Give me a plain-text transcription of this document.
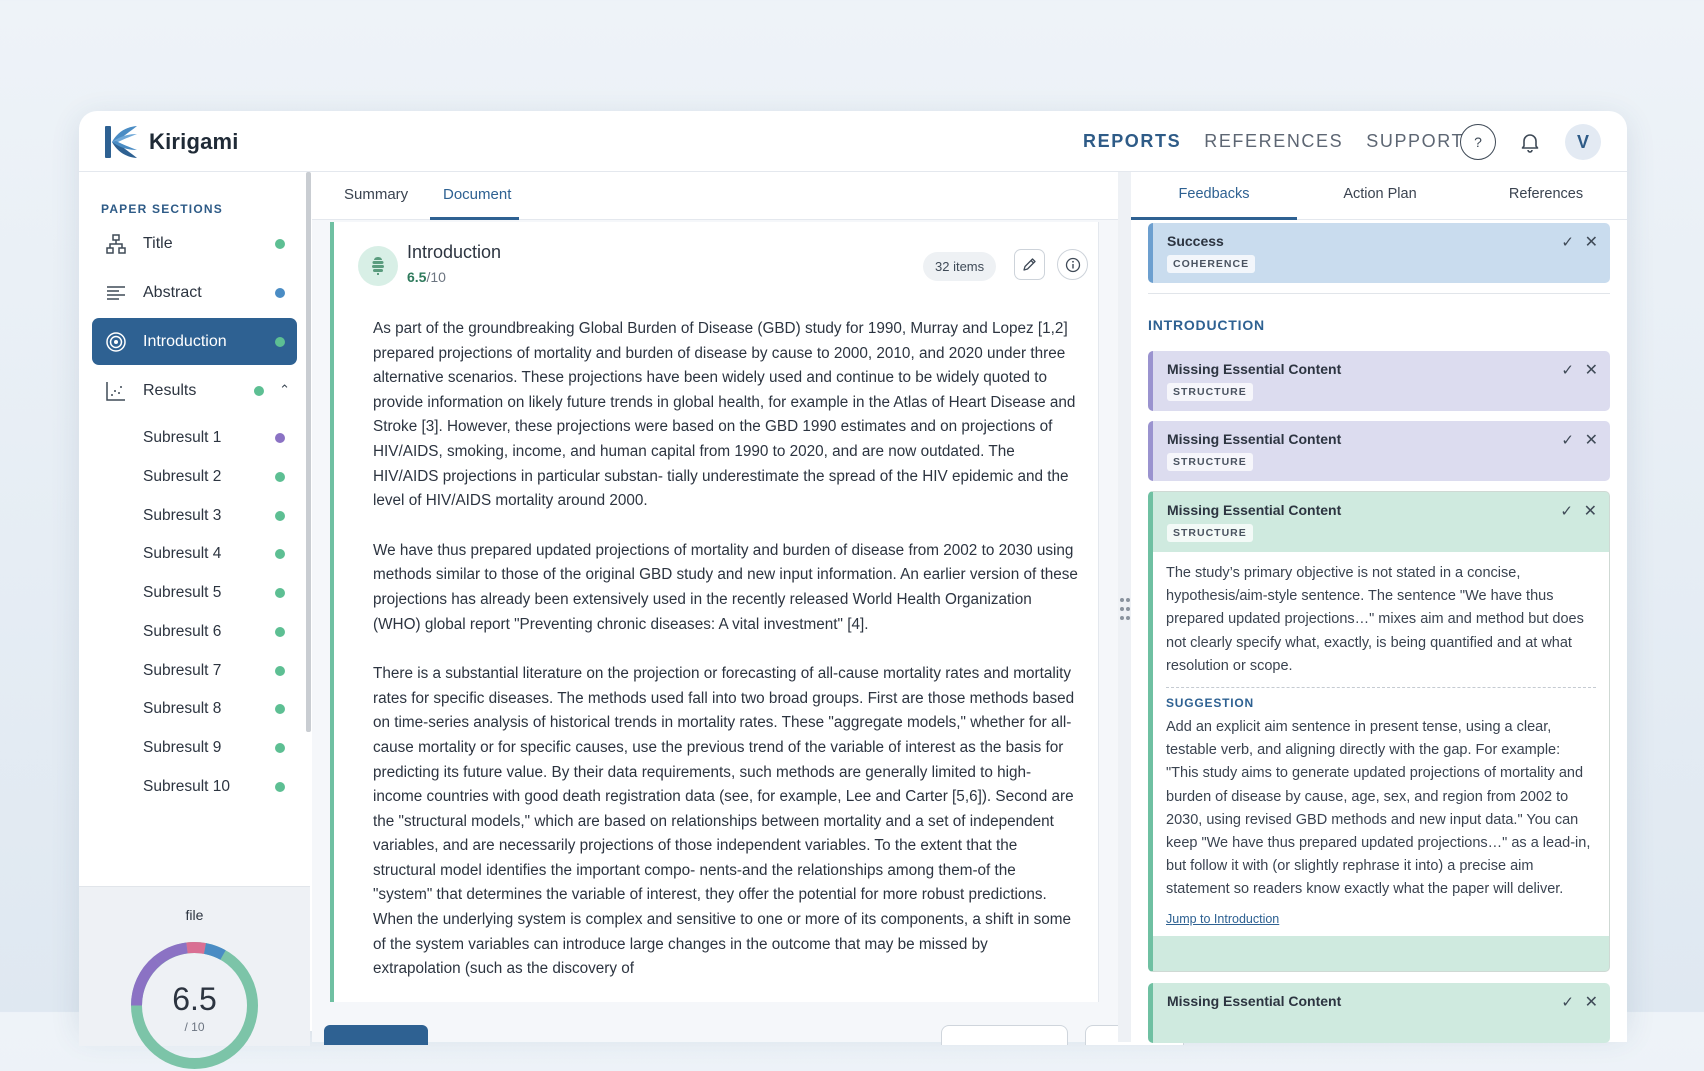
Kirigami	REPORTS REFERENCES SUPPORT ?	V
PAPER SECTIONS
Title
Abstract
Introduction
Results	⌃
Subresult 1
Subresult 2
Subresult 3
Subresult 4
Subresult 5
Subresult 6
Subresult 7
Subresult 8
Subresult 9
Subresult 10
file
6.5
/ 10
Summary Document
Introduction
6.5/10
32 items

As part of the groundbreaking Global Burden of Disease (GBD) study for 1990, Murray and Lopez [1,2] prepared projections of mortality and burden of disease by cause to 2000, 2010, and 2020 under three alternative scenarios. These projections have been widely used and continue to be widely quoted to provide information on likely future trends in global health, for example in the Atlas of Heart Disease and Stroke [3]. However, these projections were based on the GBD 1990 estimates and on projections of HIV/AIDS, smoking, income, and human capital from 1990 to 2020, and are now outdated. The HIV/AIDS projections in particular substan- tially underestimate the spread of the HIV epidemic and the level of HIV/AIDS mortality around 2000.

We have thus prepared updated projections of mortality and burden of disease from 2002 to 2030 using methods similar to those of the original GBD study and new input information. An earlier version of these projections has already been extensively used in the recently released World Health Organization (WHO) global report "Preventing chronic diseases: A vital investment" [4].

There is a substantial literature on the projection or forecasting of all-cause mortality rates and mortality rates for specific diseases. The methods used fall into two broad groups. First are those methods based on time-series analysis of historical trends in mortality rates. These "aggregate models," whether for all-cause mortality or for specific causes, use the previous trend of the variable of interest as the basis for predicting its future value. By their data requirements, such methods are generally limited to high- income countries with good death registration data (see, for example, Lee and Carter [5,6]). Second are the "structural models," which are based on relationships between mortality and a set of independent variables, and are necessarily projections of those independent variables. To the extent that the structural model identifies the important compo- nents-and the relationships among them-of the "system" that determines the variable of interest, they offer the potential for more robust predictions. When the underlying system is complex and sensitive to one or more of its components, a shift in some of the system variables can introduce large changes in the outcome that may be missed by extrapolation (such as the discovery of

Feedbacks	Action Plan	References
Success
COHERENCE
✓ ✕
INTRODUCTION
Missing Essential Content
STRUCTURE
✓ ✕
Missing Essential Content
STRUCTURE
✓ ✕
Missing Essential Content
STRUCTURE
✓ ✕
The study’s primary objective is not stated in a concise, hypothesis/aim-style sentence. The sentence "We have thus prepared updated projections…" mixes aim and method but does not clearly specify what, exactly, is being quantified and at what resolution or scope.
SUGGESTION
Add an explicit aim sentence in present tense, using a clear, testable verb, and aligning directly with the gap. For example: "This study aims to generate updated projections of mortality and burden of disease by cause, age, sex, and region from 2002 to 2030, using revised GBD methods and new input data." You can keep "We have thus prepared updated projections…" as a lead-in, but follow it with (or slightly rephrase it into) a precise aim statement so readers know exactly what the paper will deliver.
Jump to Introduction
Missing Essential Content	✓ ✕
